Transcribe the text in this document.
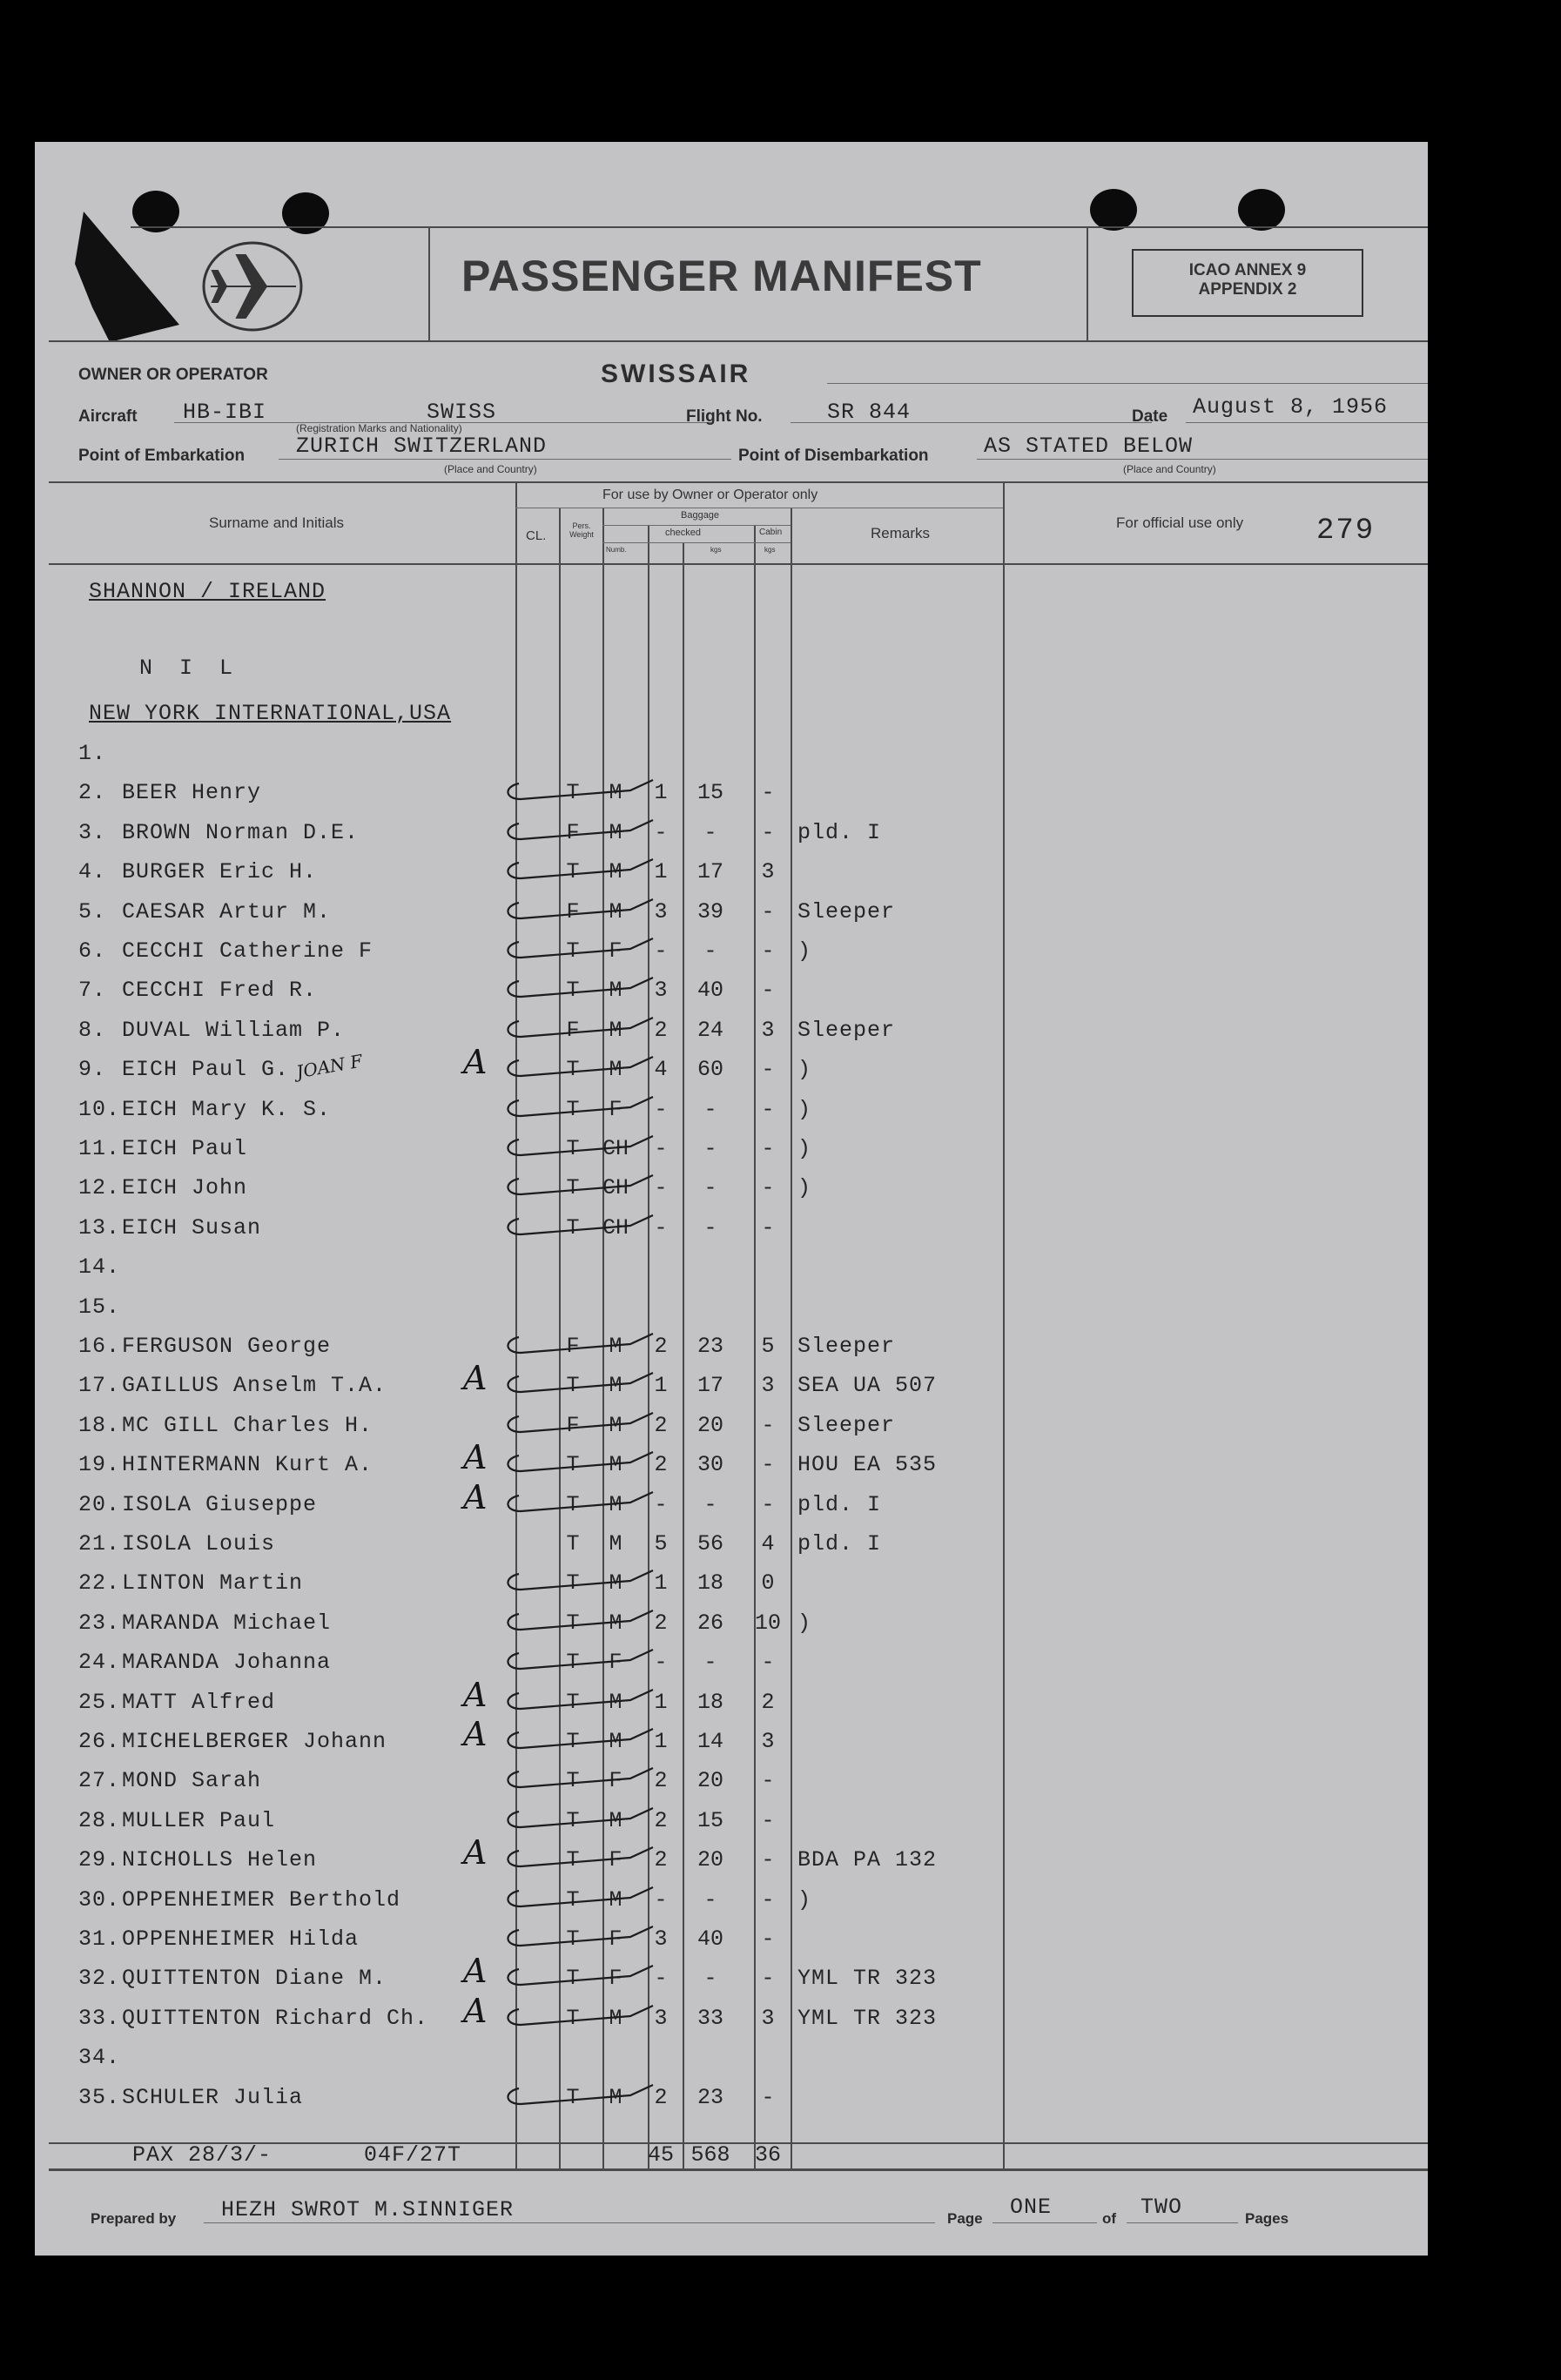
PASSENGER MANIFEST	ICAO ANNEX 9
APPENDIX 2
OWNER OR OPERATOR	SWISSAIR
Aircraft HB-IBI	SWISS
(Registration Marks and Nationality)
Flight No.	SR 844	Date August 8, 1956
Point of Embarkation ZURICH SWITZERLAND
(Place and Country)
Point of Disembarkation	AS STATED BELOW
(Place and Country)
Surname and Initials
For use by Owner or Operator only
CL.
Pers. Weight
Baggage
checked	Cabin
Numb.	kgs	kgs
Remarks
For official use only 279
SHANNON / IRELAND
N I L
NEW YORK INTERNATIONAL,USA
1.
2. BEER Henry	T	M	1	15	-
3. BROWN Norman D.E.	F	M	-	-	-	pld. I
4. BURGER Eric H.	T	M	1	17	3
5. CAESAR Artur M.	F	M	3	39	-	Sleeper
6. CECCHI Catherine F	T	F	-	-	-	)
7. CECCHI Fred R.	T	M	3	40	-
8. DUVAL William P.	F	M	2	24	3	Sleeper
9. EICH Paul G.	T	M	4	60	-	)
10. EICH Mary K. S.	T	F	-	-	-	)
11. EICH Paul	T	CH	-	-	-	)
12. EICH John	T	CH	-	-	-	)
13. EICH Susan	T	CH	-	-	-
14.
15.
16. FERGUSON George	F	M	2	23	5	Sleeper
17. GAILLUS Anselm T.A.	T	M	1	17	3	SEA UA 507
18. MC GILL Charles H.	F	M	2	20	-	Sleeper
19. HINTERMANN Kurt A.	T	M	2	30	-	HOU EA 535
20. ISOLA Giuseppe	T	M	-	-	-	pld. I
21. ISOLA Louis	T	M	5	56	4	pld. I
22. LINTON Martin	T	M	1	18	0
23. MARANDA Michael	T	M	2	26	10 )
24. MARANDA Johanna	T	F	-	-	-
25. MATT Alfred	T	M	1	18	2
26. MICHELBERGER Johann	T	M	1	14	3
27. MOND Sarah	T	F	2	20	-
28. MULLER Paul	T	M	2	15	-
29. NICHOLLS Helen	T	F	2	20	-	BDA PA 132
30. OPPENHEIMER Berthold	T	M	-	-	-	)
31. OPPENHEIMER Hilda	T	F	3	40	-
32. QUITTENTON Diane M.	T	F	-	-	-	YML TR 323
33. QUITTENTON Richard Ch.	T	M	3	33	3	YML TR 323
34.
35. SCHULER Julia	T	M	2	23	-
PAX 28/3/-	04F/27T	45 568	36
Prepared by HEZH SWROT M.SINNIGER	Page ONE	of TWO	Pages
JOAN F	A
A
A
A
A
A
A
A
A
